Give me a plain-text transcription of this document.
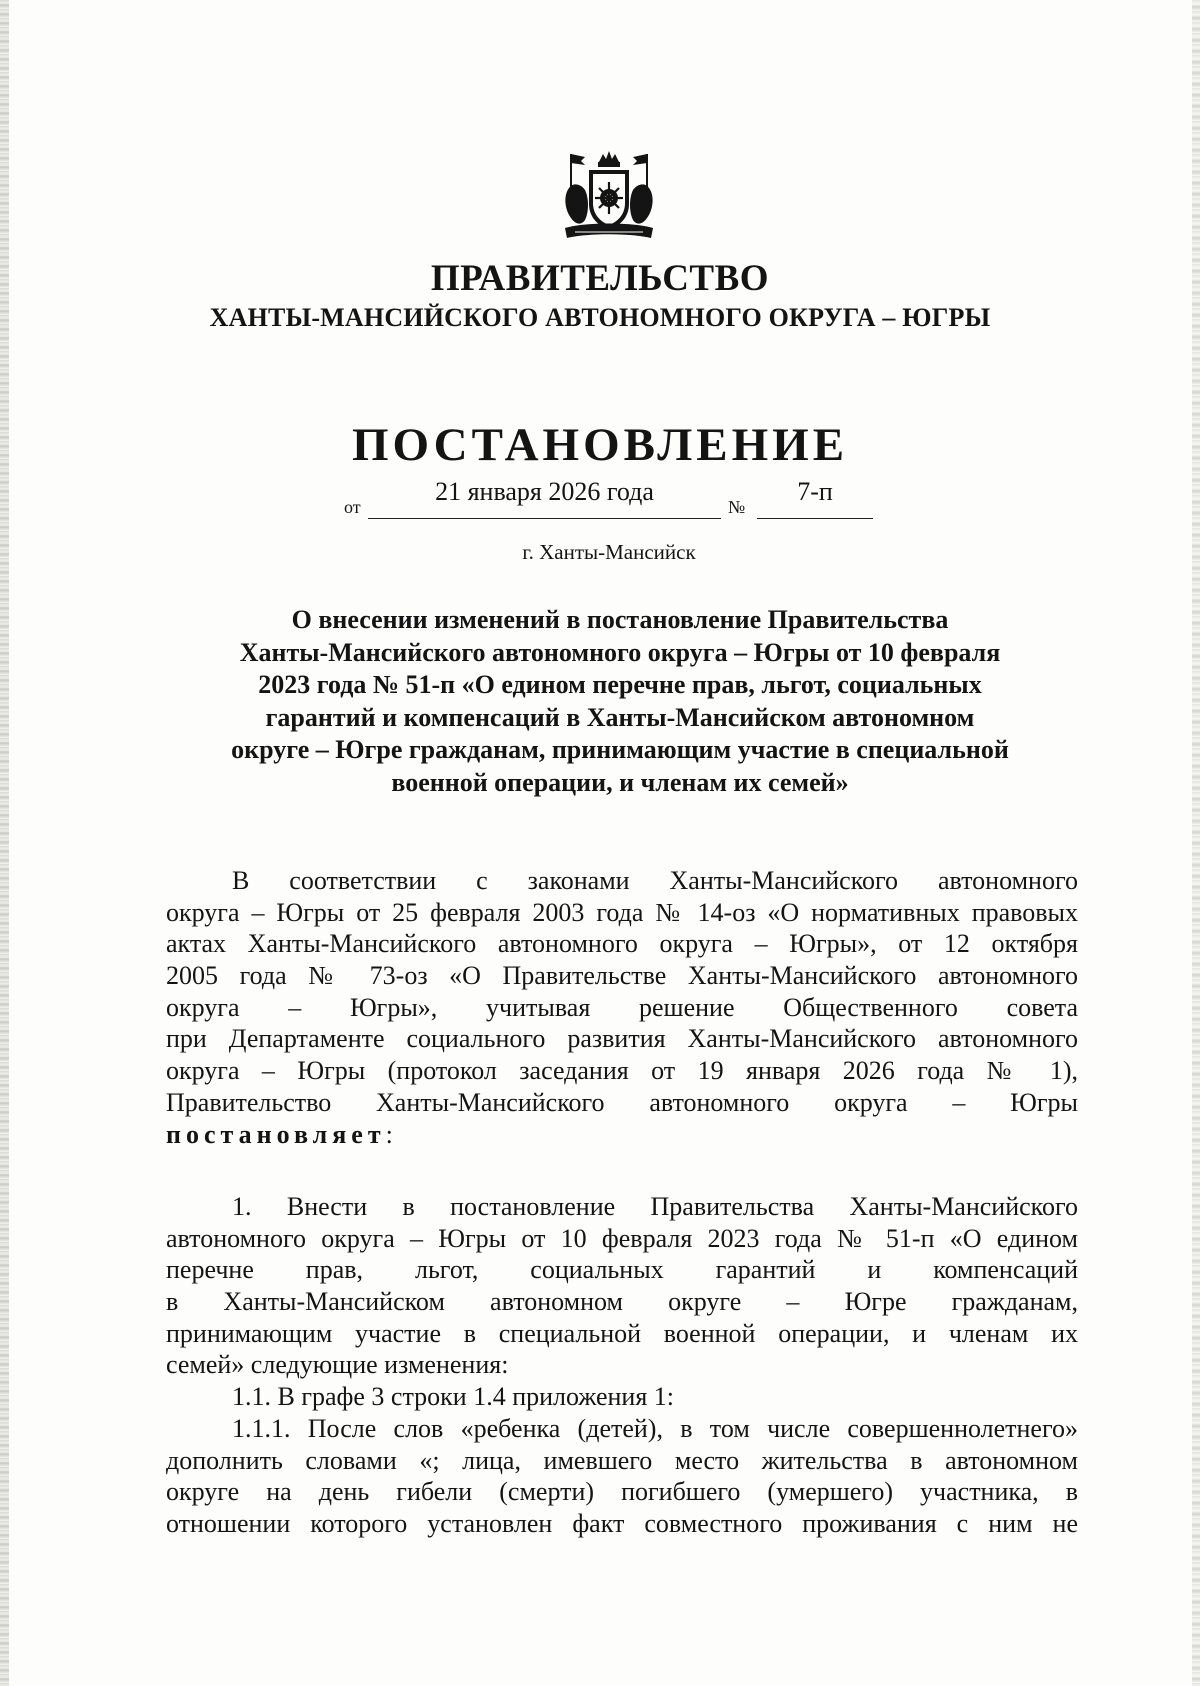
ПРАВИТЕЛЬСТВО
ХАНТЫ-МАНСИЙСКОГО АВТОНОМНОГО ОКРУГА – ЮГРЫ
ПОСТАНОВЛЕНИЕ
от
21 января 2026 года
№
7-п
г. Ханты-Мансийск
О внесении изменений в постановление Правительства
Ханты-Мансийского автономного округа – Югры от 10 февраля
2023 года № 51-п «О едином перечне прав, льгот, социальных
гарантий и компенсаций в Ханты-Мансийском автономном
округе – Югре гражданам, принимающим участие в специальной
военной операции, и членам их семей»
В соответствии с законами Ханты-Мансийского автономного
округа – Югры от 25 февраля 2003 года № 14-оз «О нормативных правовых
актах Ханты-Мансийского автономного округа – Югры», от 12 октября
2005 года № 73-оз «О Правительстве Ханты-Мансийского автономного
округа – Югры», учитывая решение Общественного совета
при Департаменте социального развития Ханты-Мансийского автономного
округа – Югры (протокол заседания от 19 января 2026 года № 1),
Правительство Ханты-Мансийского автономного округа – Югры
постановляет:
1. Внести в постановление Правительства Ханты-Мансийского
автономного округа – Югры от 10 февраля 2023 года № 51-п «О едином
перечне прав, льгот, социальных гарантий и компенсаций
в Ханты-Мансийском автономном округе – Югре гражданам,
принимающим участие в специальной военной операции, и членам их
семей» следующие изменения:
1.1. В графе 3 строки 1.4 приложения 1:
1.1.1. После слов «ребенка (детей), в том числе совершеннолетнего»
дополнить словами «; лица, имевшего место жительства в автономном
округе на день гибели (смерти) погибшего (умершего) участника, в
отношении которого установлен факт совместного проживания с ним не
